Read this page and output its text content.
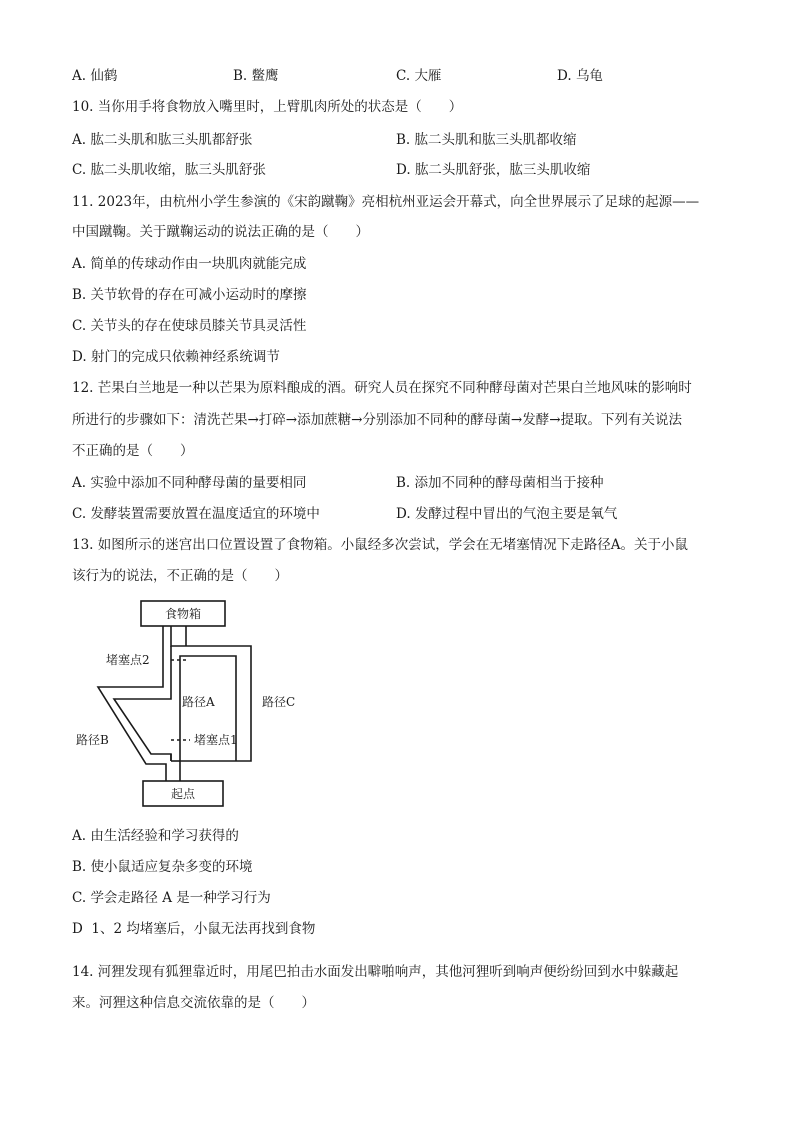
A. 仙鹤	B. 鳖鹰	C. 大雁	D. 乌龟
10. 当你用手将食物放入嘴里时，上臂肌肉所处的状态是（　　）
A. 肱二头肌和肱三头肌都舒张	B. 肱二头肌和肱三头肌都收缩
C. 肱二头肌收缩，肱三头肌舒张	D. 肱二头肌舒张，肱三头肌收缩
11. 2023年，由杭州小学生参演的《宋韵蹴鞠》亮相杭州亚运会开幕式，向全世界展示了足球的起源——
中国蹴鞠。关于蹴鞠运动的说法正确的是（　　）
A. 简单的传球动作由一块肌肉就能完成
B. 关节软骨的存在可减小运动时的摩擦
C. 关节头的存在使球员膝关节具灵活性
D. 射门的完成只依赖神经系统调节
12. 芒果白兰地是一种以芒果为原料酿成的酒。研究人员在探究不同种酵母菌对芒果白兰地风味的影响时
所进行的步骤如下：清洗芒果→打碎→添加蔗糖→分别添加不同种的酵母菌→发酵→提取。下列有关说法
不正确的是（　　）
A. 实验中添加不同种酵母菌的量要相同	B. 添加不同种的酵母菌相当于接种
C. 发酵装置需要放置在温度适宜的环境中	D. 发酵过程中冒出的气泡主要是氧气
13. 如图所示的迷宫出口位置设置了食物箱。小鼠经多次尝试，学会在无堵塞情况下走路径A。关于小鼠
该行为的说法，不正确的是（　　）
食物箱
起点
堵塞点2
堵塞点1
路径A
路径B
路径C
A. 由生活经验和学习获得的
B. 使小鼠适应复杂多变的环境
C. 学会走路径 A 是一种学习行为
D 1、2 均堵塞后，小鼠无法再找到食物
14. 河狸发现有狐狸靠近时，用尾巴拍击水面发出噼啪响声，其他河狸听到响声便纷纷回到水中躲藏起
来。河狸这种信息交流依靠的是（　　）
